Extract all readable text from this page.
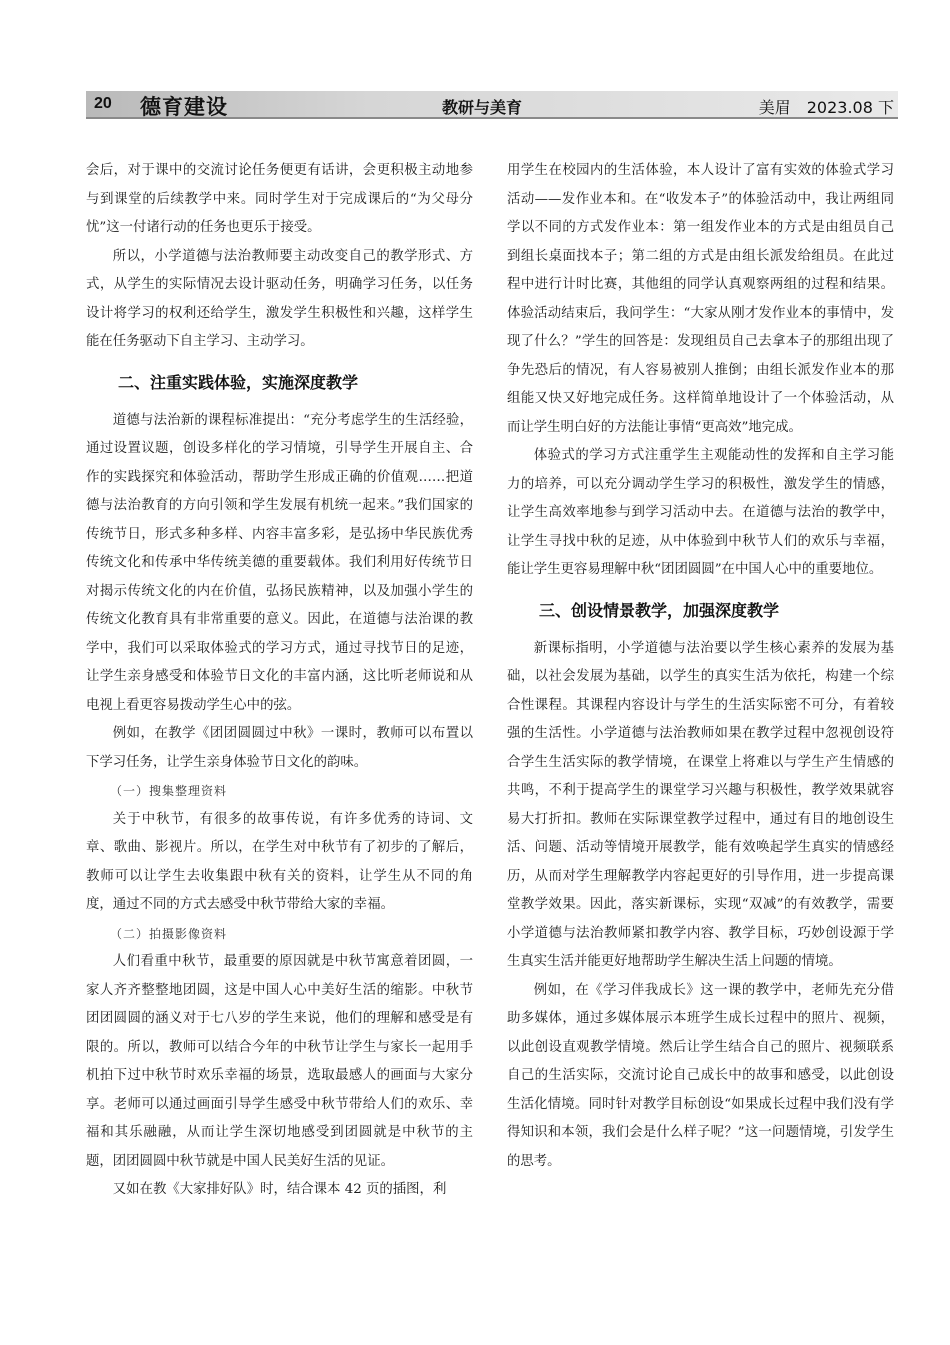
20 德育建设	教研与美育	美眉 2023.08 下

会后，对于课中的交流讨论任务便更有话讲，会更积极主动地参与到课堂的后续教学中来。同时学生对于完成课后的“为父母分忧”这一付诸行动的任务也更乐于接受。

所以，小学道德与法治教师要主动改变自己的教学形式、方式，从学生的实际情况去设计驱动任务，明确学习任务，以任务设计将学习的权利还给学生，激发学生积极性和兴趣，这样学生能在任务驱动下自主学习、主动学习。

二、注重实践体验，实施深度教学

道德与法治新的课程标准提出：“充分考虑学生的生活经验，通过设置议题，创设多样化的学习情境，引导学生开展自主、合作的实践探究和体验活动，帮助学生形成正确的价值观……把道德与法治教育的方向引领和学生发展有机统一起来。”我们国家的传统节日，形式多种多样、内容丰富多彩，是弘扬中华民族优秀传统文化和传承中华传统美德的重要载体。我们利用好传统节日对揭示传统文化的内在价值，弘扬民族精神，以及加强小学生的传统文化教育具有非常重要的意义。因此，在道德与法治课的教学中，我们可以采取体验式的学习方式，通过寻找节日的足迹，让学生亲身感受和体验节日文化的丰富内涵，这比听老师说和从电视上看更容易拨动学生心中的弦。

例如，在教学《团团圆圆过中秋》一课时，教师可以布置以下学习任务，让学生亲身体验节日文化的韵味。

（一）搜集整理资料

关于中秋节，有很多的故事传说，有许多优秀的诗词、文章、歌曲、影视片。所以，在学生对中秋节有了初步的了解后，教师可以让学生去收集跟中秋有关的资料，让学生从不同的角度，通过不同的方式去感受中秋节带给大家的幸福。

（二）拍摄影像资料

人们看重中秋节，最重要的原因就是中秋节寓意着团圆，一家人齐齐整整地团圆，这是中国人心中美好生活的缩影。中秋节团团圆圆的涵义对于七八岁的学生来说，他们的理解和感受是有限的。所以，教师可以结合今年的中秋节让学生与家长一起用手机拍下过中秋节时欢乐幸福的场景，选取最感人的画面与大家分享。老师可以通过画面引导学生感受中秋节带给人们的欢乐、幸福和其乐融融，从而让学生深切地感受到团圆就是中秋节的主题，团团圆圆中秋节就是中国人民美好生活的见证。

又如在教《大家排好队》时，结合课本 42 页的插图，利

用学生在校园内的生活体验，本人设计了富有实效的体验式学习活动——发作业本和。在“收发本子”的体验活动中，我让两组同学以不同的方式发作业本：第一组发作业本的方式是由组员自己到组长桌面找本子；第二组的方式是由组长派发给组员。在此过程中进行计时比赛，其他组的同学认真观察两组的过程和结果。体验活动结束后，我问学生：“大家从刚才发作业本的事情中，发现了什么？”学生的回答是：发现组员自己去拿本子的那组出现了争先恐后的情况，有人容易被别人推倒；由组长派发作业本的那组能又快又好地完成任务。这样简单地设计了一个体验活动，从而让学生明白好的方法能让事情“更高效”地完成。

体验式的学习方式注重学生主观能动性的发挥和自主学习能力的培养，可以充分调动学生学习的积极性，激发学生的情感，让学生高效率地参与到学习活动中去。在道德与法治的教学中，让学生寻找中秋的足迹，从中体验到中秋节人们的欢乐与幸福，能让学生更容易理解中秋“团团圆圆”在中国人心中的重要地位。

三、创设情景教学，加强深度教学

新课标指明，小学道德与法治要以学生核心素养的发展为基础，以社会发展为基础，以学生的真实生活为依托，构建一个综合性课程。其课程内容设计与学生的生活实际密不可分，有着较强的生活性。小学道德与法治教师如果在教学过程中忽视创设符合学生生活实际的教学情境，在课堂上将难以与学生产生情感的共鸣，不利于提高学生的课堂学习兴趣与积极性，教学效果就容易大打折扣。教师在实际课堂教学过程中，通过有目的地创设生活、问题、活动等情境开展教学，能有效唤起学生真实的情感经历，从而对学生理解教学内容起更好的引导作用，进一步提高课堂教学效果。因此，落实新课标，实现“双减”的有效教学，需要小学道德与法治教师紧扣教学内容、教学目标，巧妙创设源于学生真实生活并能更好地帮助学生解决生活上问题的情境。

例如，在《学习伴我成长》这一课的教学中，老师先充分借助多媒体，通过多媒体展示本班学生成长过程中的照片、视频，以此创设直观教学情境。然后让学生结合自己的照片、视频联系自己的生活实际，交流讨论自己成长中的故事和感受，以此创设生活化情境。同时针对教学目标创设“如果成长过程中我们没有学得知识和本领，我们会是什么样子呢？”这一问题情境，引发学生的思考。
